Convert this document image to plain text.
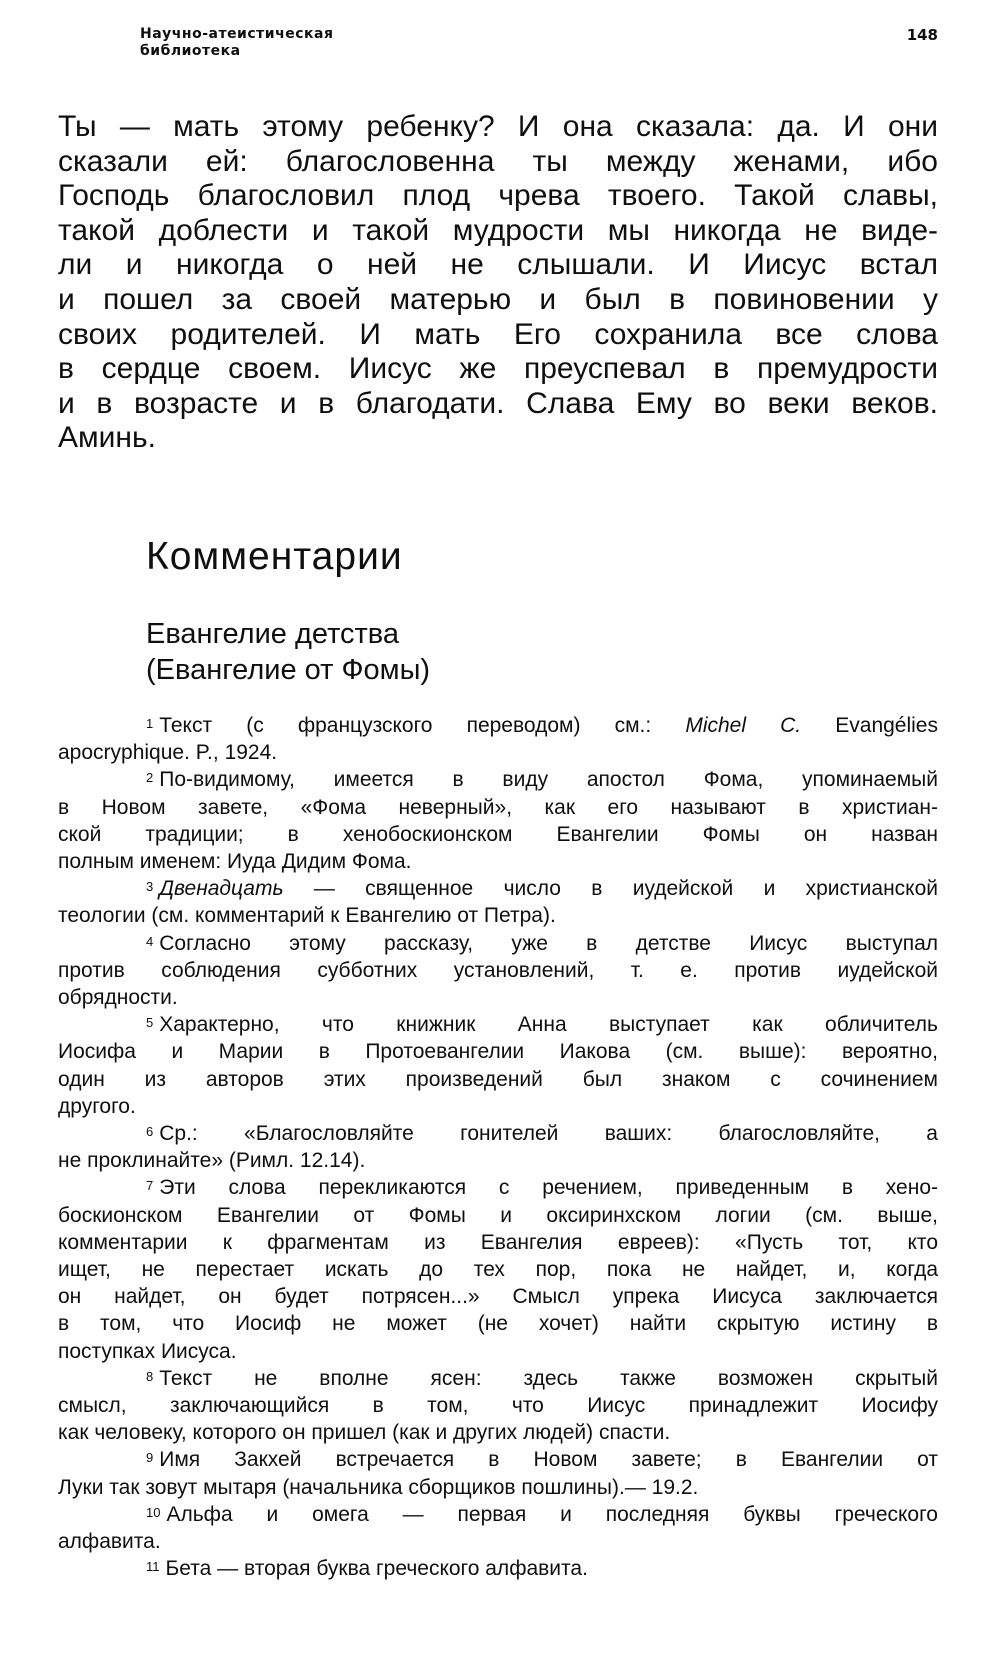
Научно-атеистическая
библиотека
148
Ты — мать этому ребенку? И она сказала: да. И они
сказали ей: благословенна ты между женами, ибо
Господь благословил плод чрева твоего. Такой славы,
такой доблести и такой мудрости мы никогда не виде-
ли и никогда о ней не слышали. И Иисус встал
и пошел за своей матерью и был в повиновении у
своих родителей. И мать Его сохранила все слова
в сердце своем. Иисус же преуспевал в премудрости
и в возрасте и в благодати. Слава Ему во веки веков.
Аминь.
Комментарии
Евангелие детства
(Евангелие от Фомы)

$^1$ Текст (с французского переводом) см.: Michel C. Evangélies
apocryphique. P., 1924.

$^2$ По-видимому, имеется в виду апостол Фома, упоминаемый
в Новом завете, «Фома неверный», как его называют в христиан-
ской традиции; в хенобоскионском Евангелии Фомы он назван
полным именем: Иуда Дидим Фома.

$^3$ Двенадцать — священное число в иудейской и христианской
теологии (см. комментарий к Евангелию от Петра).

$^4$ Согласно этому рассказу, уже в детстве Иисус выступал
против соблюдения субботних установлений, т. е. против иудейской
обрядности.

$^5$ Характерно, что книжник Анна выступает как обличитель
Иосифа и Марии в Протоевангелии Иакова (см. выше): вероятно,
один из авторов этих произведений был знаком с сочинением
другого.

$^6$ Ср.: «Благословляйте гонителей ваших: благословляйте, а
не проклинайте» (Римл. 12.14).

$^7$ Эти слова перекликаются с речением, приведенным в хено-
боскионском Евангелии от Фомы и оксиринхском логии (см. выше,
комментарии к фрагментам из Евангелия евреев): «Пусть тот, кто
ищет, не перестает искать до тех пор, пока не найдет, и, когда
он найдет, он будет потрясен...» Смысл упрека Иисуса заключается
в том, что Иосиф не может (не хочет) найти скрытую истину в
поступках Иисуса.

$^8$ Текст не вполне ясен: здесь также возможен скрытый
смысл, заключающийся в том, что Иисус принадлежит Иосифу
как человеку, которого он пришел (как и других людей) спасти.

$^9$ Имя Закхей встречается в Новом завете; в Евангелии от
Луки так зовут мытаря (начальника сборщиков пошлины).— 19.2.

$^{10}$ Альфа и омега — первая и последняя буквы греческого
алфавита.

$^{11}$ Бета — вторая буква греческого алфавита.
